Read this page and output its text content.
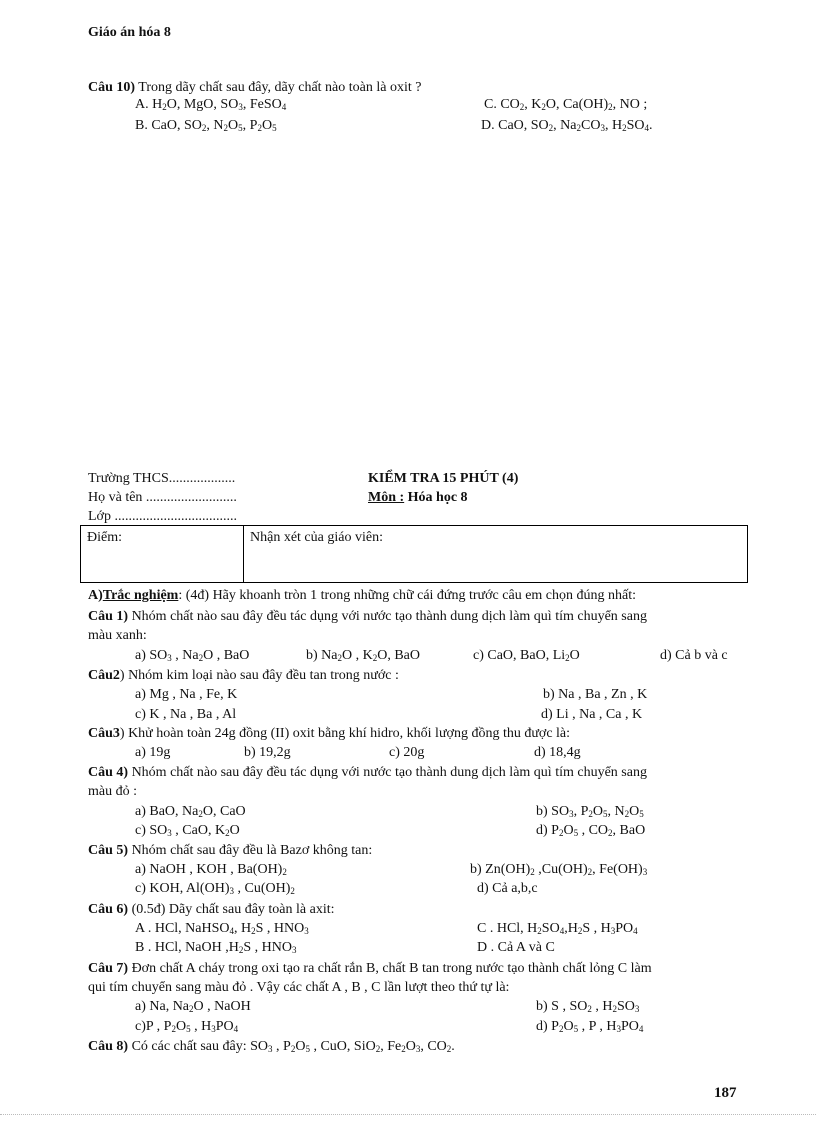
Giáo án hóa 8
Câu 10) Trong dãy chất sau đây, dãy chất nào toàn là oxit ?
A. $H_2O$, MgO, $SO_3$, FeSO$_4$	C. $CO_2$, $K_2O$, $Ca(OH)_2$, NO ;
B. CaO, $SO_2$, $N_2O_5$, $P_2O_5$	D. CaO, $SO_2$, $Na_2CO_3$, $H_2SO_4$.
Trường THCS...................	KIỂM TRA 15 PHÚT (4)
Họ và tên ..........................	Môn : Hóa học 8
Lớp ...................................
Điểm:	Nhận xét của giáo viên:
A)Trắc nghiệm: (4đ) Hãy khoanh tròn 1 trong những chữ cái đứng trước câu em chọn đúng nhất:
Câu 1) Nhóm chất nào sau đây đều tác dụng với nước tạo thành dung dịch làm quì tím chuyển sang
màu xanh:
a) $SO_3$ , $Na_2O$ , BaO	b) $Na_2O$ , $K_2O$, BaO	c) CaO, BaO, $Li_2O$	d) Cả b và c
Câu2) Nhóm kim loại nào sau đây đều tan trong nước :
a) Mg , Na , Fe, K	b) Na , Ba , Zn , K
c) K , Na , Ba , Al	d) Li , Na , Ca , K
Câu3) Khử hoàn toàn 24g đồng (II) oxit bằng khí hidro, khối lượng đồng thu được là:
a) 19g	b) 19,2g	c) 20g	d) 18,4g
Câu 4) Nhóm chất nào sau đây đều tác dụng với nước tạo thành dung dịch làm quì tím chuyển sang
màu đỏ :
a) BaO, $Na_2O$, CaO	b) $SO_3$, $P_2O_5$, $N_2O_5$
c) $SO_3$ , CaO, $K_2O$	d) $P_2O_5$ , $CO_2$, BaO
Câu 5) Nhóm chất sau đây đều là Bazơ không tan:
a) NaOH , KOH , $Ba(OH)_2$	b) $Zn(OH)_2$ $,Cu(OH)_2$, $Fe(OH)_3$
c) KOH, $Al(OH)_3$ , $Cu(OH)_2$	d) Cả a,b,c
Câu 6) (0.5đ) Dãy chất sau đây toàn là axit:
A . HCl, NaHSO$_4$, $H_2S$ , $HNO_3$	C . HCl, $H_2SO_4,H_2S$ , $H_3PO_4$
B . HCl, NaOH $,H_2S$ , $HNO_3$	D . Cả A và C
Câu 7) Đơn chất A cháy trong oxi tạo ra chất rắn B, chất B tan trong nước tạo thành chất lỏng C làm
qui tím chuyển sang màu đỏ . Vậy các chất A , B , C lần lượt theo thứ tự là:
a) Na, $Na_2O$ , NaOH	b) S , $SO_2$ , $H_2SO_3$
c)P , $P_2O_5$ , $H_3PO_4$	d) $P_2O_5$ , P , $H_3PO_4$
Câu 8) Có các chất sau đây: $SO_3$ , $P_2O_5$ , CuO, SiO$_2$, $Fe_2O_3$, $CO_2$.
187
